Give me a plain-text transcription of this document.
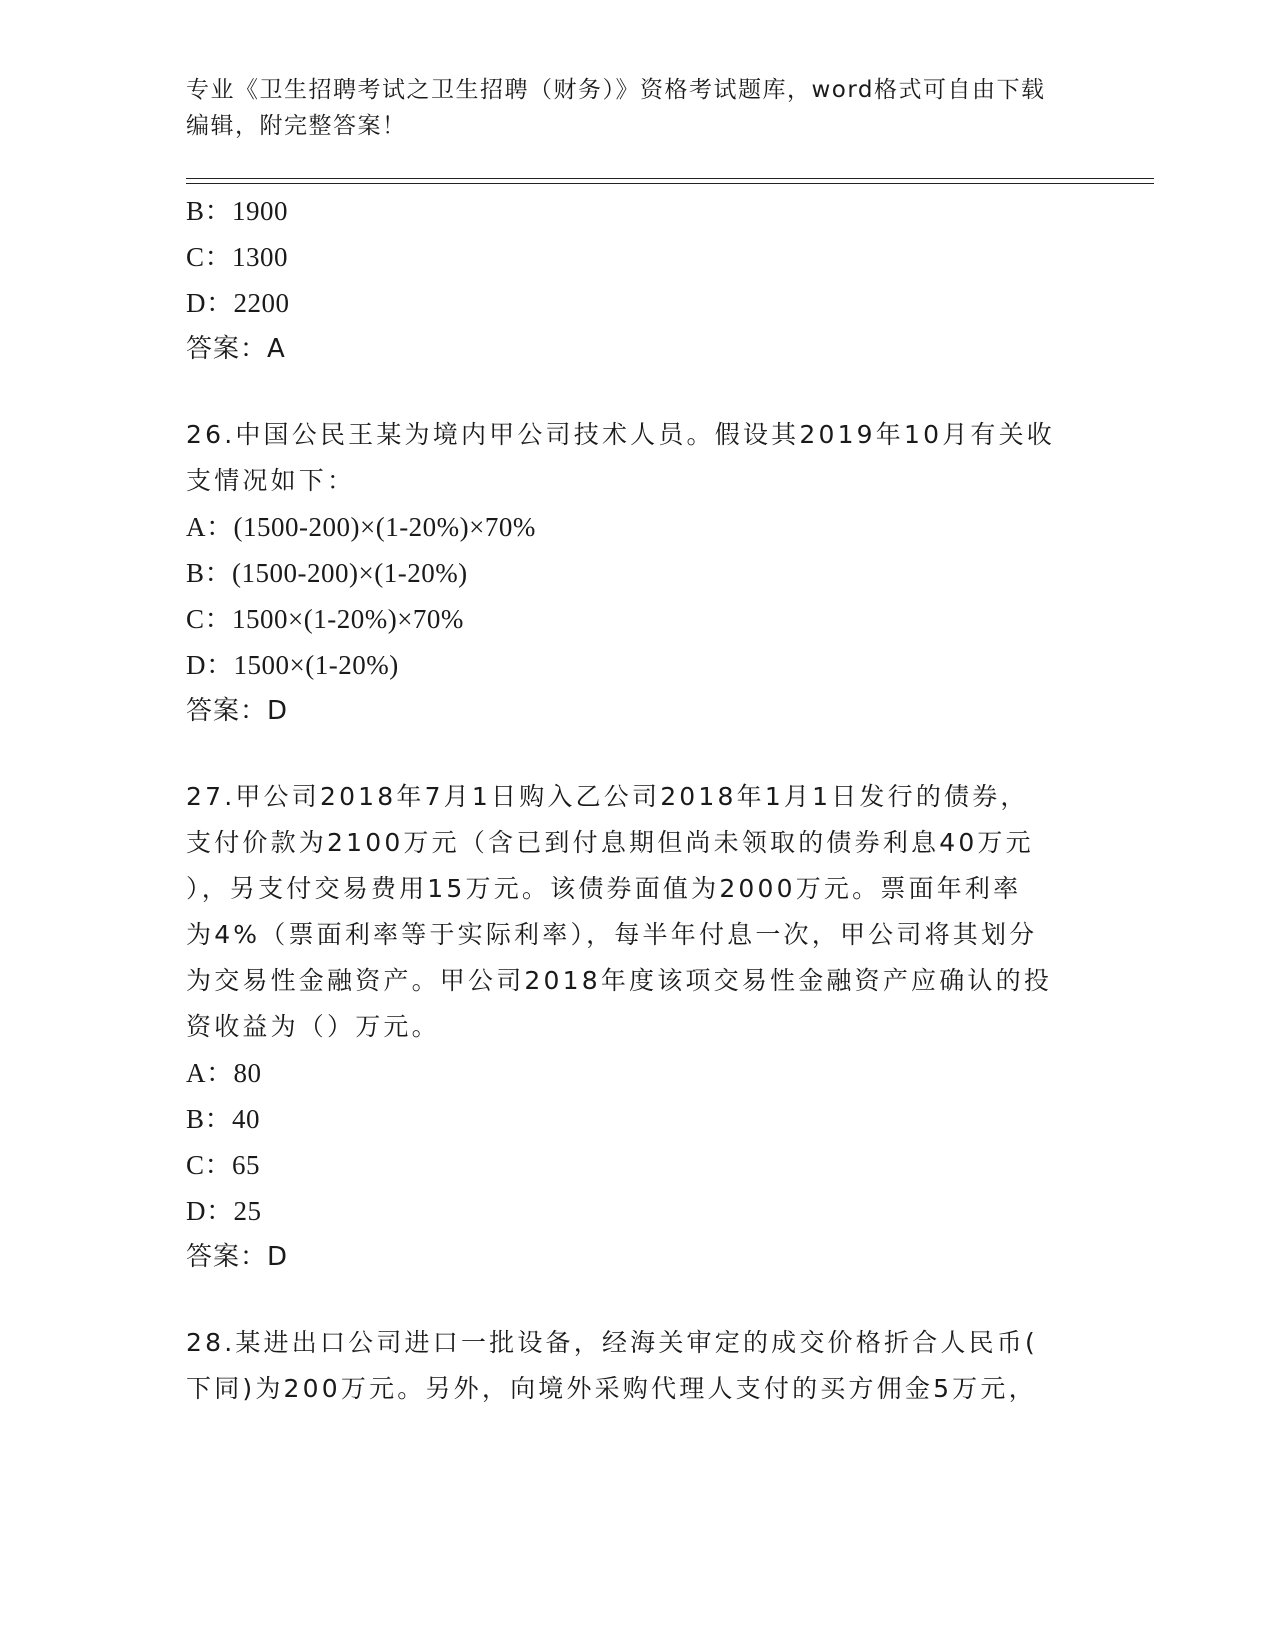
专业《卫生招聘考试之卫生招聘（财务）》资格考试题库，word格式可自由下载
编辑，附完整答案！
B：1900
C：1300
D：2200
答案：A
26.中国公民王某为境内甲公司技术人员。假设其2019年10月有关收
支情况如下：
A：(1500-200)×(1-20%)×70%
B：(1500-200)×(1-20%)
C：1500×(1-20%)×70%
D：1500×(1-20%)
答案：D
27.甲公司2018年7月1日购入乙公司2018年1月1日发行的债券，
支付价款为2100万元（含已到付息期但尚未领取的债券利息40万元
），另支付交易费用15万元。该债券面值为2000万元。票面年利率
为4%（票面利率等于实际利率），每半年付息一次，甲公司将其划分
为交易性金融资产。甲公司2018年度该项交易性金融资产应确认的投
资收益为（）万元。
A：80
B：40
C：65
D：25
答案：D
28.某进出口公司进口一批设备，经海关审定的成交价格折合人民币(
下同)为200万元。另外，向境外采购代理人支付的买方佣金5万元，
